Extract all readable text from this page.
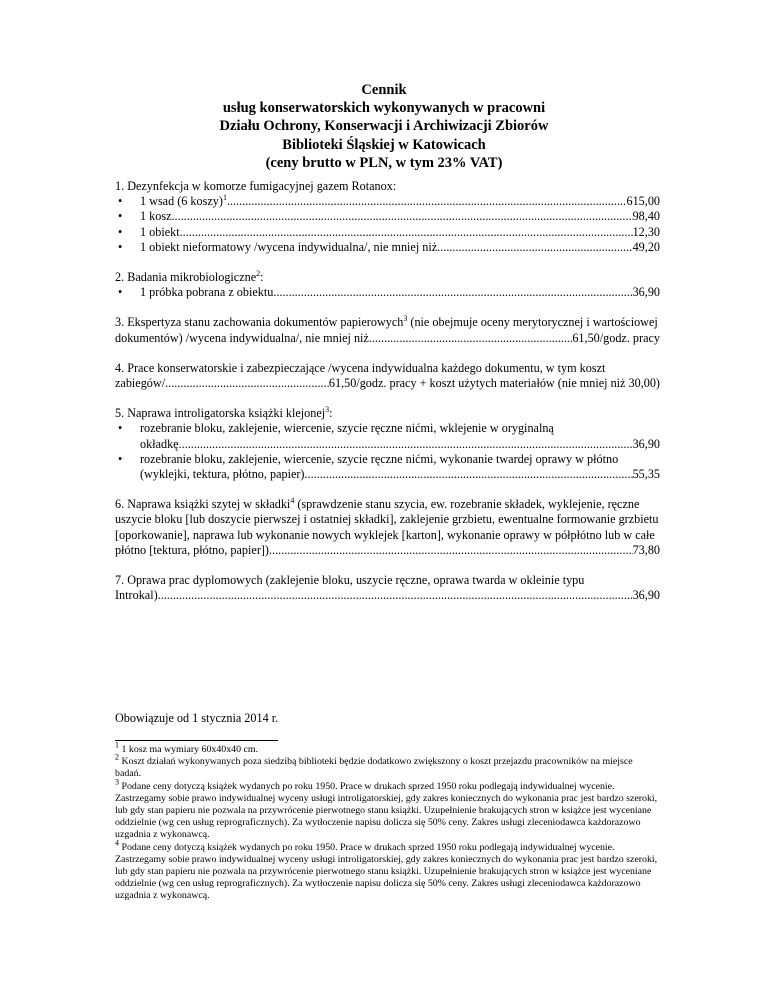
Cennik
usług konserwatorskich wykonywanych w pracowni
Działu Ochrony, Konserwacji i Archiwizacji Zbiorów
Biblioteki Śląskiej w Katowicach
(ceny brutto w PLN, w tym 23% VAT)
1. Dezynfekcja w komorze fumigacyjnej gazem Rotanox:
• 1 wsad (6 koszy)$^1$ .....	615,00
• 1 kosz .....	98,40
• 1 obiekt .....	12,30
• 1 obiekt nieformatowy /wycena indywidualna/, nie mniej niż .....	49,20
2. Badania mikrobiologiczne$^2$:
• 1 próbka pobrana z obiektu .....	36,90
3. Ekspertyza stanu zachowania dokumentów papierowych$^3$ (nie obejmuje oceny merytorycznej i wartościowej
dokumentów) /wycena indywidualna/, nie mniej niż .....	61,50/godz. pracy
4. Prace konserwatorskie i zabezpieczające /wycena indywidualna każdego dokumentu, w tym koszt
zabiegów/ .....	61,50/godz. pracy + koszt użytych materiałów (nie mniej niż 30,00)
5. Naprawa introligatorska książki klejonej$^3$:
• rozebranie bloku, zaklejenie, wiercenie, szycie ręczne nićmi, wklejenie w oryginalną
okładkę .....	36,90
• rozebranie bloku, zaklejenie, wiercenie, szycie ręczne nićmi, wykonanie twardej oprawy w płótno
(wyklejki, tektura, płótno, papier) .....	55,35
6. Naprawa książki szytej w składki$^4$ (sprawdzenie stanu szycia, ew. rozebranie składek, wyklejenie, ręczne
uszycie bloku [lub doszycie pierwszej i ostatniej składki], zaklejenie grzbietu, ewentualne formowanie grzbietu
[oporkowanie], naprawa lub wykonanie nowych wyklejek [karton], wykonanie oprawy w półpłótno lub w całe
płótno [tektura, płótno, papier]) .....	73,80
7. Oprawa prac dyplomowych (zaklejenie bloku, uszycie ręczne, oprawa twarda w okleinie typu
Introkal) .....	36,90
Obowiązuje od 1 stycznia 2014 r.

$^1$ 1 kosz ma wymiary 60x40x40 cm.

$^2$ Koszt działań wykonywanych poza siedzibą biblioteki będzie dodatkowo zwiększony o koszt przejazdu pracowników na miejsce badań.

$^3$ Podane ceny dotyczą książek wydanych po roku 1950. Prace w drukach sprzed 1950 roku podlegają indywidualnej wycenie. Zastrzegamy sobie prawo indywidualnej wyceny usługi introligatorskiej, gdy zakres koniecznych do wykonania prac jest bardzo szeroki, lub gdy stan papieru nie pozwala na przywrócenie pierwotnego stanu książki. Uzupełnienie brakujących stron w książce jest wyceniane oddzielnie (wg cen usług reprograficznych). Za wytłoczenie napisu dolicza się 50% ceny. Zakres usługi zleceniodawca każdorazowo uzgadnia z wykonawcą.

$^4$ Podane ceny dotyczą książek wydanych po roku 1950. Prace w drukach sprzed 1950 roku podlegają indywidualnej wycenie. Zastrzegamy sobie prawo indywidualnej wyceny usługi introligatorskiej, gdy zakres koniecznych do wykonania prac jest bardzo szeroki, lub gdy stan papieru nie pozwala na przywrócenie pierwotnego stanu książki. Uzupełnienie brakujących stron w książce jest wyceniane oddzielnie (wg cen usług reprograficznych). Za wytłoczenie napisu dolicza się 50% ceny. Zakres usługi zleceniodawca każdorazowo uzgadnia z wykonawcą.
